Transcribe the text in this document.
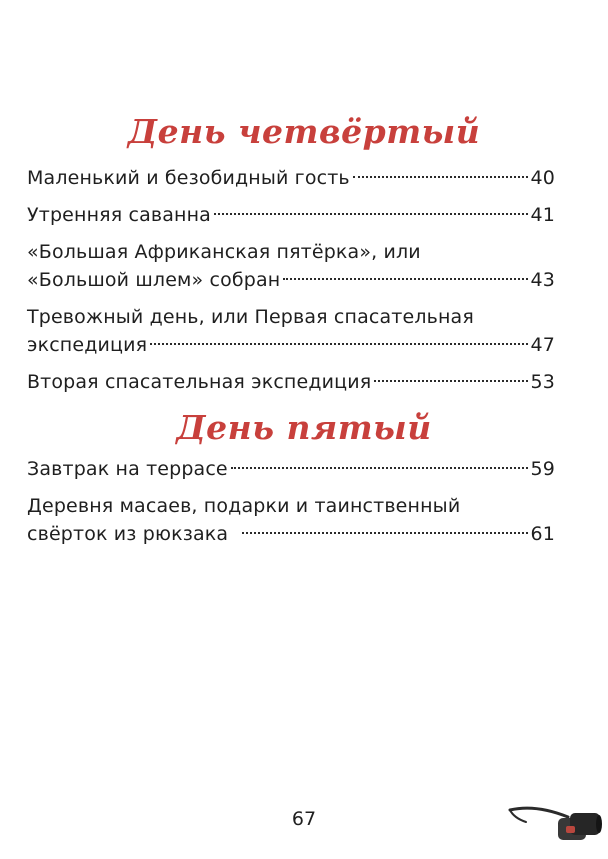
День четвёртый
Маленький и безобидный гость	40
Утренняя саванна	41
«Большая Африканская пятёрка», или
«Большой шлем» собран	43
Тревожный день, или Первая спасательная
экспедиция	47
Вторая спасательная экспедиция	53
День пятый
Завтрак на террасе	59
Деревня масаев, подарки и таинственный
свёрток из рюкзака	61
67
